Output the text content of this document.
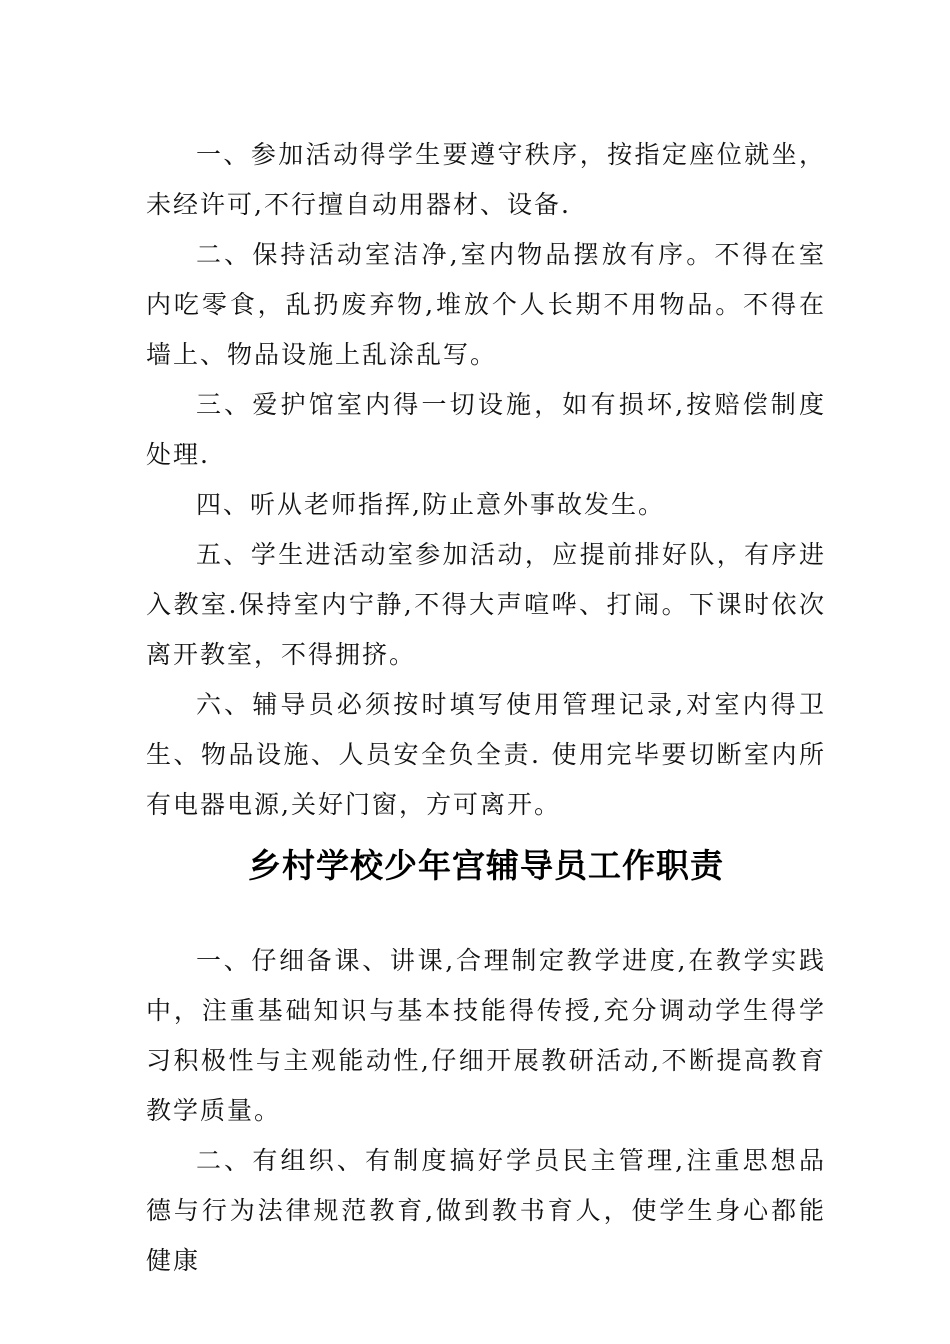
一、参加活动得学生要遵守秩序，按指定座位就坐，未经许可,不行擅自动用器材、设备.

二、保持活动室洁净,室内物品摆放有序。不得在室内吃零食，乱扔废弃物,堆放个人长期不用物品。不得在墙上、物品设施上乱涂乱写。

三、爱护馆室内得一切设施，如有损坏,按赔偿制度处理.

四、听从老师指挥,防止意外事故发生。

五、学生进活动室参加活动，应提前排好队，有序进入教室.保持室内宁静,不得大声喧哗、打闹。下课时依次离开教室，不得拥挤。

六、辅导员必须按时填写使用管理记录,对室内得卫生、物品设施、人员安全负全责. 使用完毕要切断室内所有电器电源,关好门窗，方可离开。

乡村学校少年宫辅导员工作职责

一、仔细备课、讲课,合理制定教学进度,在教学实践中，注重基础知识与基本技能得传授,充分调动学生得学习积极性与主观能动性,仔细开展教研活动,不断提高教育教学质量。

二、有组织、有制度搞好学员民主管理,注重思想品德与行为法律规范教育,做到教书育人，使学生身心都能健康
